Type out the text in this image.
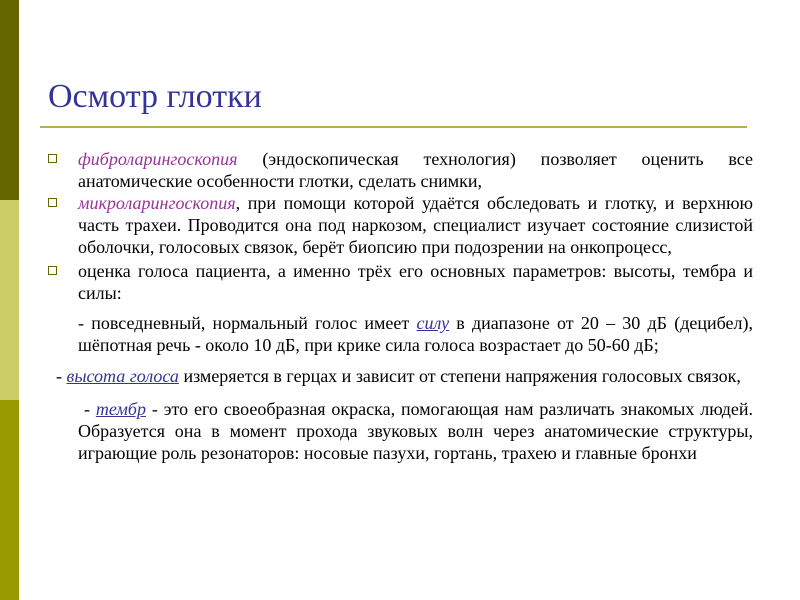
Осмотр глотки
фиброларингоскопия (эндоскопическая технология) позволяет оценить все анатомические особенности глотки, сделать снимки,
микроларингоскопия, при помощи которой удаётся обследовать и глотку, и верхнюю часть трахеи. Проводится она под наркозом, специалист изучает состояние слизистой оболочки, голосовых связок, берёт биопсию при подозрении на онкопроцесс,
оценка голоса пациента, а именно трёх его основных параметров: высоты, тембра и силы:
- повседневный, нормальный голос имеет силу в диапазоне от 20 – 30 дБ (децибел), шёпотная речь - около 10 дБ, при крике сила голоса возрастает до 50-60 дБ;
- высота голоса измеряется в герцах и зависит от степени напряжения голосовых связок,
- тембр - это его своеобразная окраска, помогающая нам различать знакомых людей. Образуется она в момент прохода звуковых волн через анатомические структуры, играющие роль резонаторов: носовые пазухи, гортань, трахею и главные бронхи
